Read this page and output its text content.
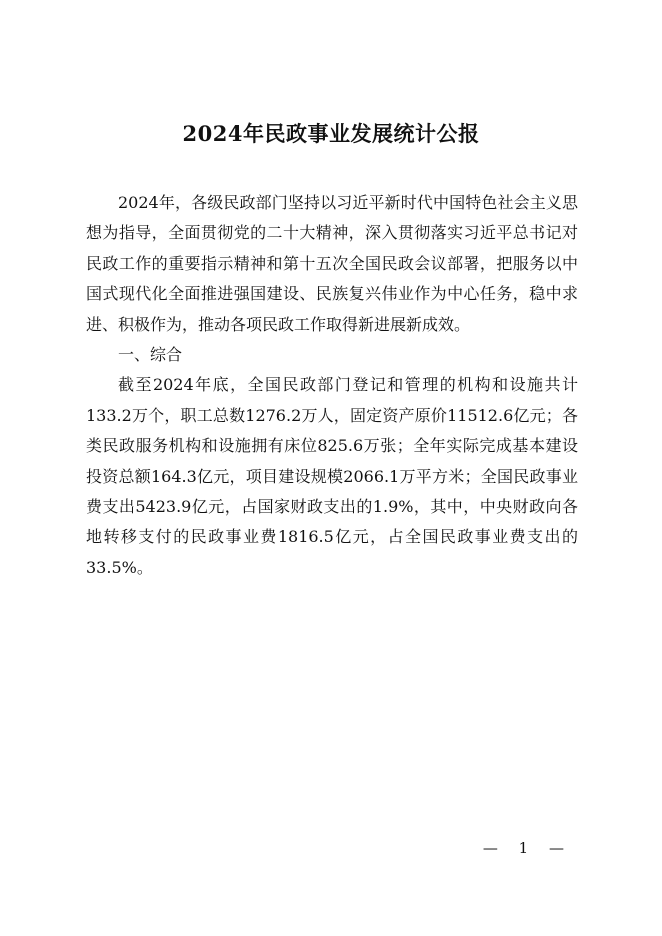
2024年民政事业发展统计公报

2024年，各级民政部门坚持以习近平新时代中国特色社会主义思想为指导，全面贯彻党的二十大精神，深入贯彻落实习近平总书记对民政工作的重要指示精神和第十五次全国民政会议部署，把服务以中国式现代化全面推进强国建设、民族复兴伟业作为中心任务，稳中求进、积极作为，推动各项民政工作取得新进展新成效。

一、综合

截至2024年底，全国民政部门登记和管理的机构和设施共计133.2万个，职工总数1276.2万人，固定资产原价11512.6亿元；各类民政服务机构和设施拥有床位825.6万张；全年实际完成基本建设投资总额164.3亿元，项目建设规模2066.1万平方米；全国民政事业费支出5423.9亿元，占国家财政支出的1.9%，其中，中央财政向各地转移支付的民政事业费1816.5亿元，占全国民政事业费支出的33.5%。

— 1 —
